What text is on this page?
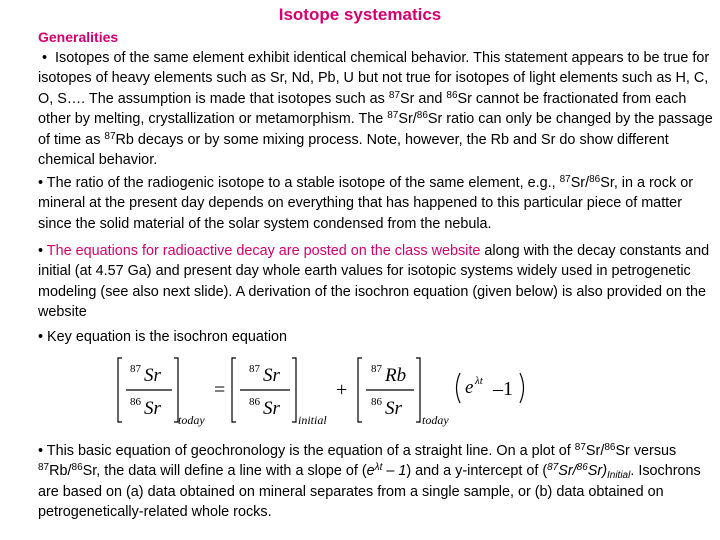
Isotope systematics
Generalities

• Isotopes of the same element exhibit identical chemical behavior. This statement appears to be true for isotopes of heavy elements such as Sr, Nd, Pb, U but not true for isotopes of light elements such as H, C, O, S…. The assumption is made that isotopes such as $^{87}$Sr and $^{86}$Sr cannot be fractionated from each other by melting, crystallization or metamorphism. The $^{87}$Sr/$^{86}$Sr ratio can only be changed by the passage of time as $^{87}$Rb decays or by some mixing process. Note, however, the Rb and Sr do show different chemical behavior.

• The ratio of the radiogenic isotope to a stable isotope of the same element, e.g., $^{87}$Sr/$^{86}$Sr, in a rock or mineral at the present day depends on everything that has happened to this particular piece of matter since the solid material of the solar system condensed from the nebula.

• The equations for radioactive decay are posted on the class website along with the decay constants and initial (at 4.57 Ga) and present day whole earth values for isotopic systems widely used in petrogenetic modeling (see also next slide). A derivation of the isochron equation (given below) is also provided on the website

• Key equation is the isochron equation

87 Sr
86 Sr
today
=
87 Sr
86 Sr
initial
+
87 Rb
86 Sr
today
e λt –1

• This basic equation of geochronology is the equation of a straight line. On a plot of $^{87}$Sr/$^{86}$Sr versus $^{87}$Rb/$^{86}$Sr, the data will define a line with a slope of $(e^{\lambda t} - 1)$ and a y-intercept of $(^{87}Sr/^{86}Sr)_{Initial}$. Isochrons are based on (a) data obtained on mineral separates from a single sample, or (b) data obtained on petrogenetically-related whole rocks.
